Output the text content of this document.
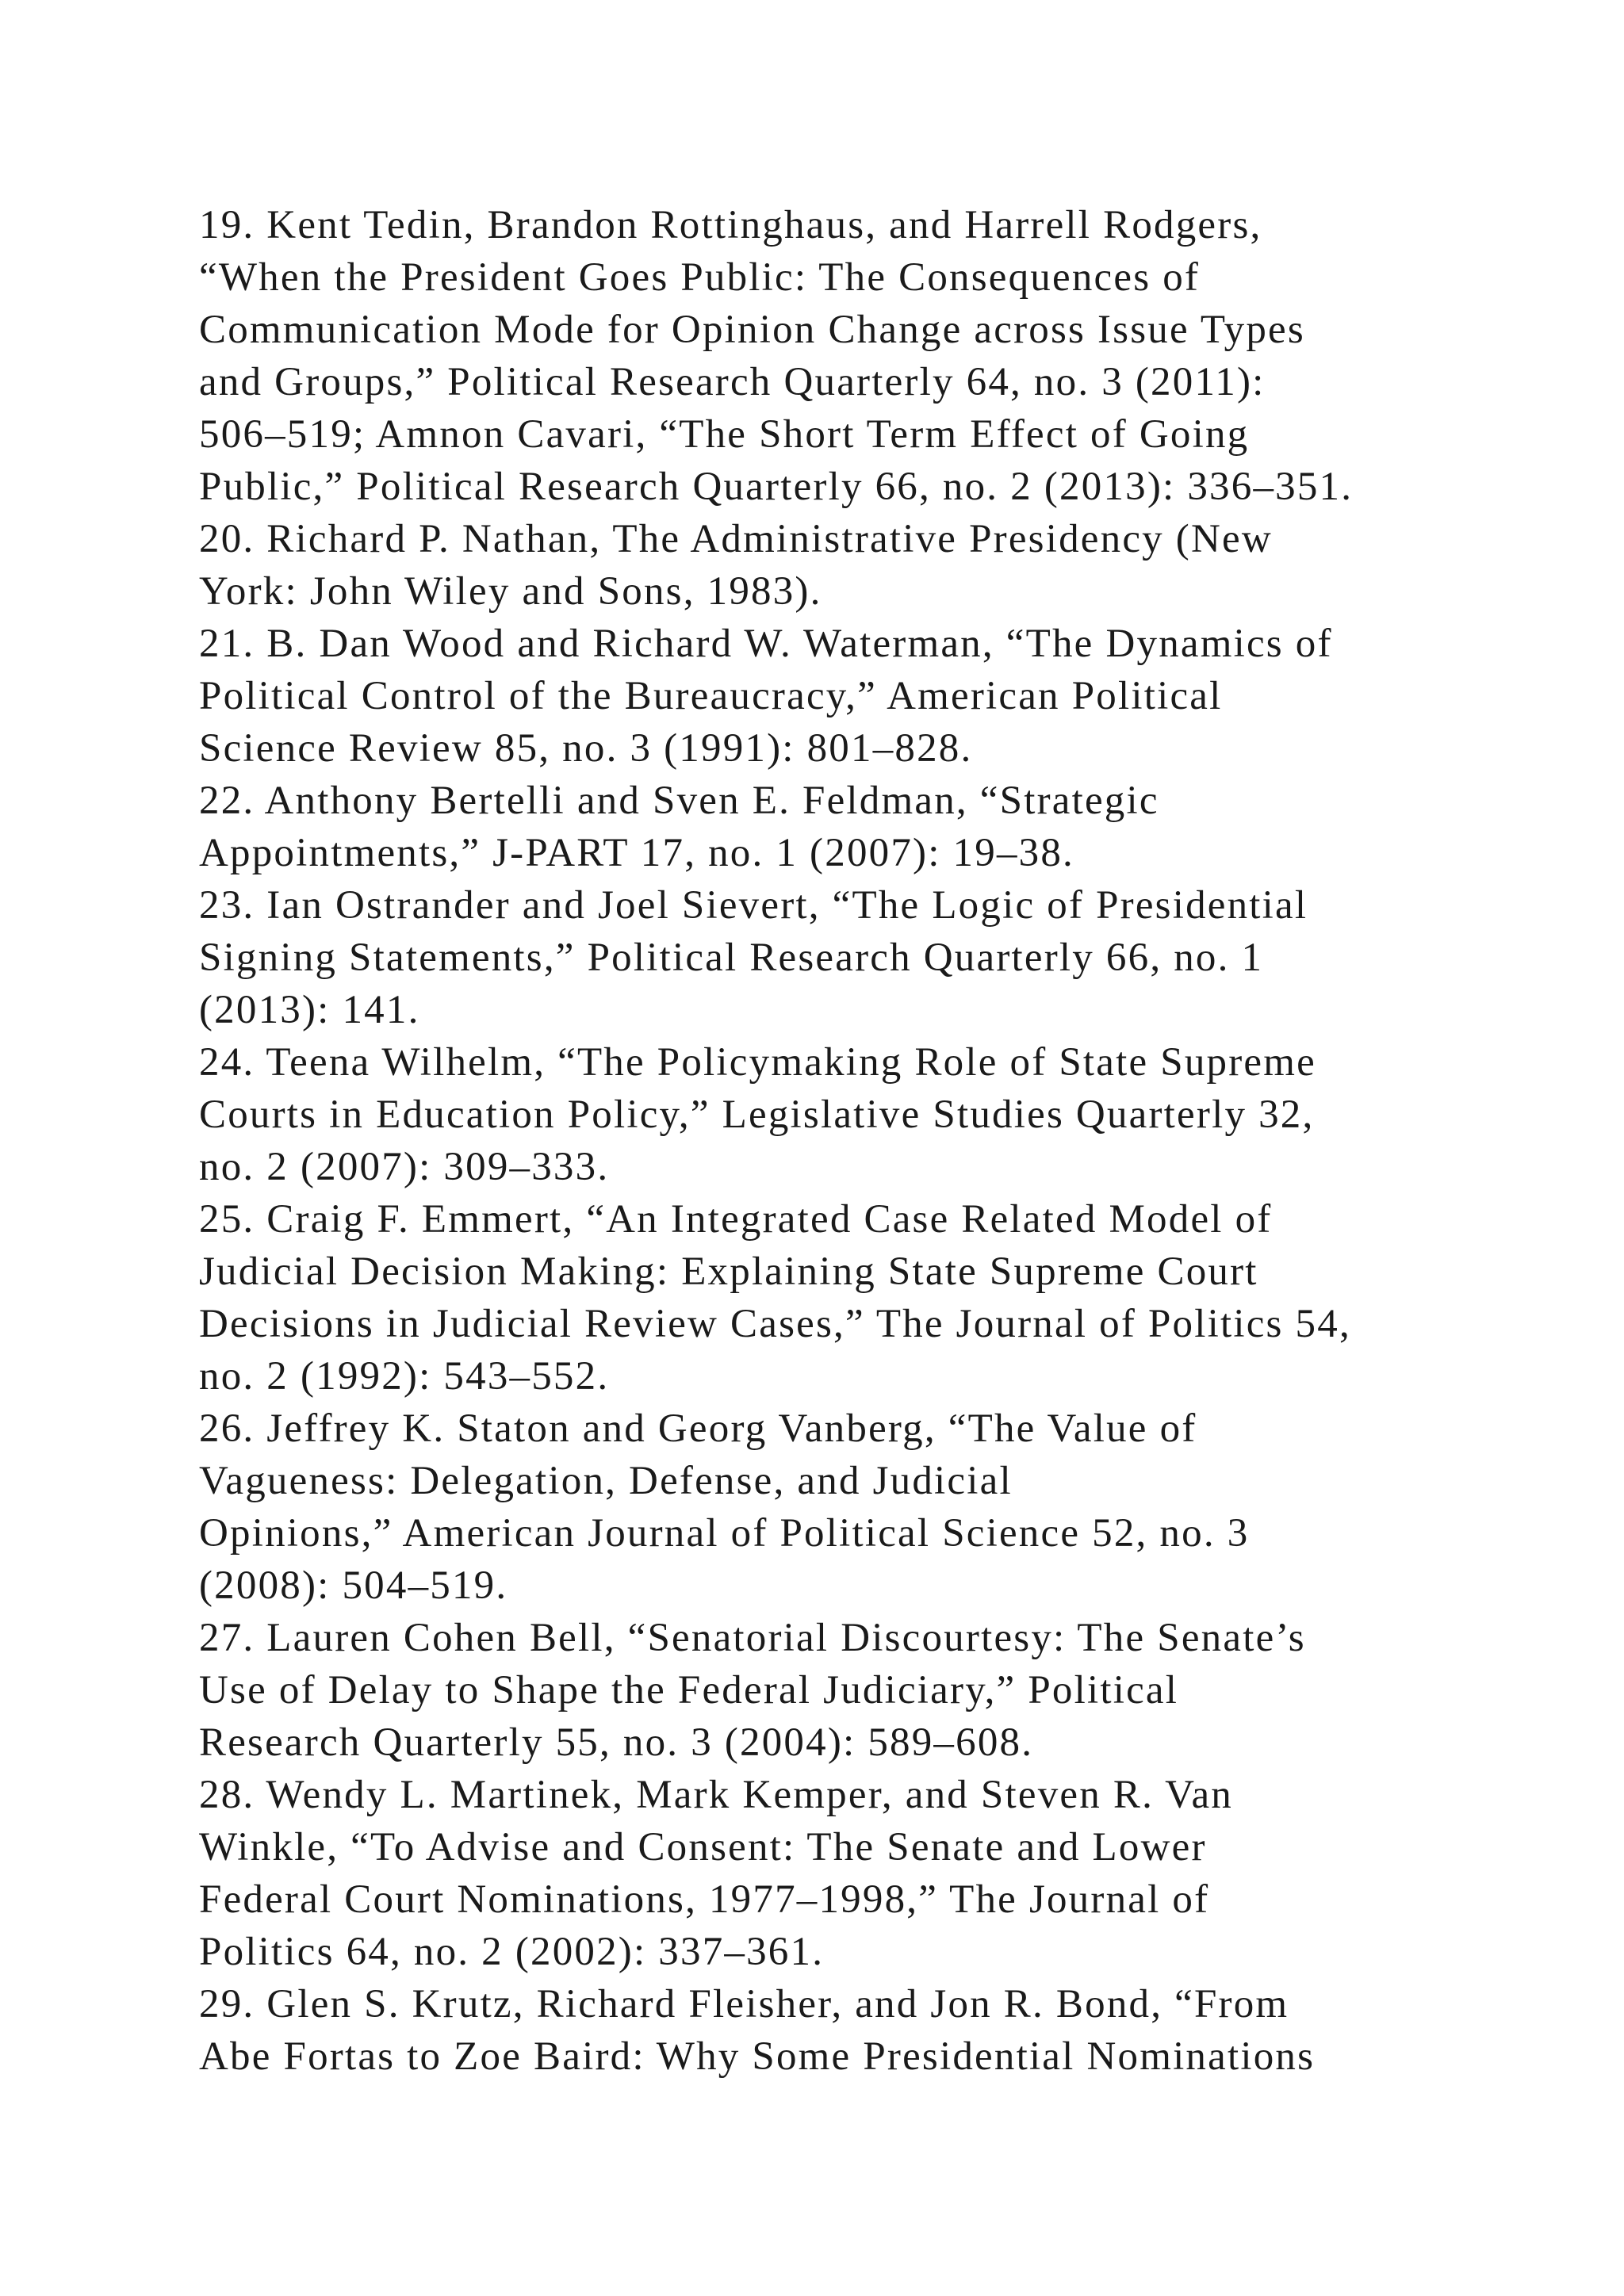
19. Kent Tedin, Brandon Rottinghaus, and Harrell Rodgers,
“When the President Goes Public: The Consequences of
Communication Mode for Opinion Change across Issue Types
and Groups,” Political Research Quarterly 64, no. 3 (2011):
506–519; Amnon Cavari, “The Short Term Effect of Going
Public,” Political Research Quarterly 66, no. 2 (2013): 336–351.
20. Richard P. Nathan, The Administrative Presidency (New
York: John Wiley and Sons, 1983).
21. B. Dan Wood and Richard W. Waterman, “The Dynamics of
Political Control of the Bureaucracy,” American Political
Science Review 85, no. 3 (1991): 801–828.
22. Anthony Bertelli and Sven E. Feldman, “Strategic
Appointments,” J-PART 17, no. 1 (2007): 19–38.
23. Ian Ostrander and Joel Sievert, “The Logic of Presidential
Signing Statements,” Political Research Quarterly 66, no. 1
(2013): 141.
24. Teena Wilhelm, “The Policymaking Role of State Supreme
Courts in Education Policy,” Legislative Studies Quarterly 32,
no. 2 (2007): 309–333.
25. Craig F. Emmert, “An Integrated Case Related Model of
Judicial Decision Making: Explaining State Supreme Court
Decisions in Judicial Review Cases,” The Journal of Politics 54,
no. 2 (1992): 543–552.
26. Jeffrey K. Staton and Georg Vanberg, “The Value of
Vagueness: Delegation, Defense, and Judicial
Opinions,” American Journal of Political Science 52, no. 3
(2008): 504–519.
27. Lauren Cohen Bell, “Senatorial Discourtesy: The Senate’s
Use of Delay to Shape the Federal Judiciary,” Political
Research Quarterly 55, no. 3 (2004): 589–608.
28. Wendy L. Martinek, Mark Kemper, and Steven R. Van
Winkle, “To Advise and Consent: The Senate and Lower
Federal Court Nominations, 1977–1998,” The Journal of
Politics 64, no. 2 (2002): 337–361.
29. Glen S. Krutz, Richard Fleisher, and Jon R. Bond, “From
Abe Fortas to Zoe Baird: Why Some Presidential Nominations
